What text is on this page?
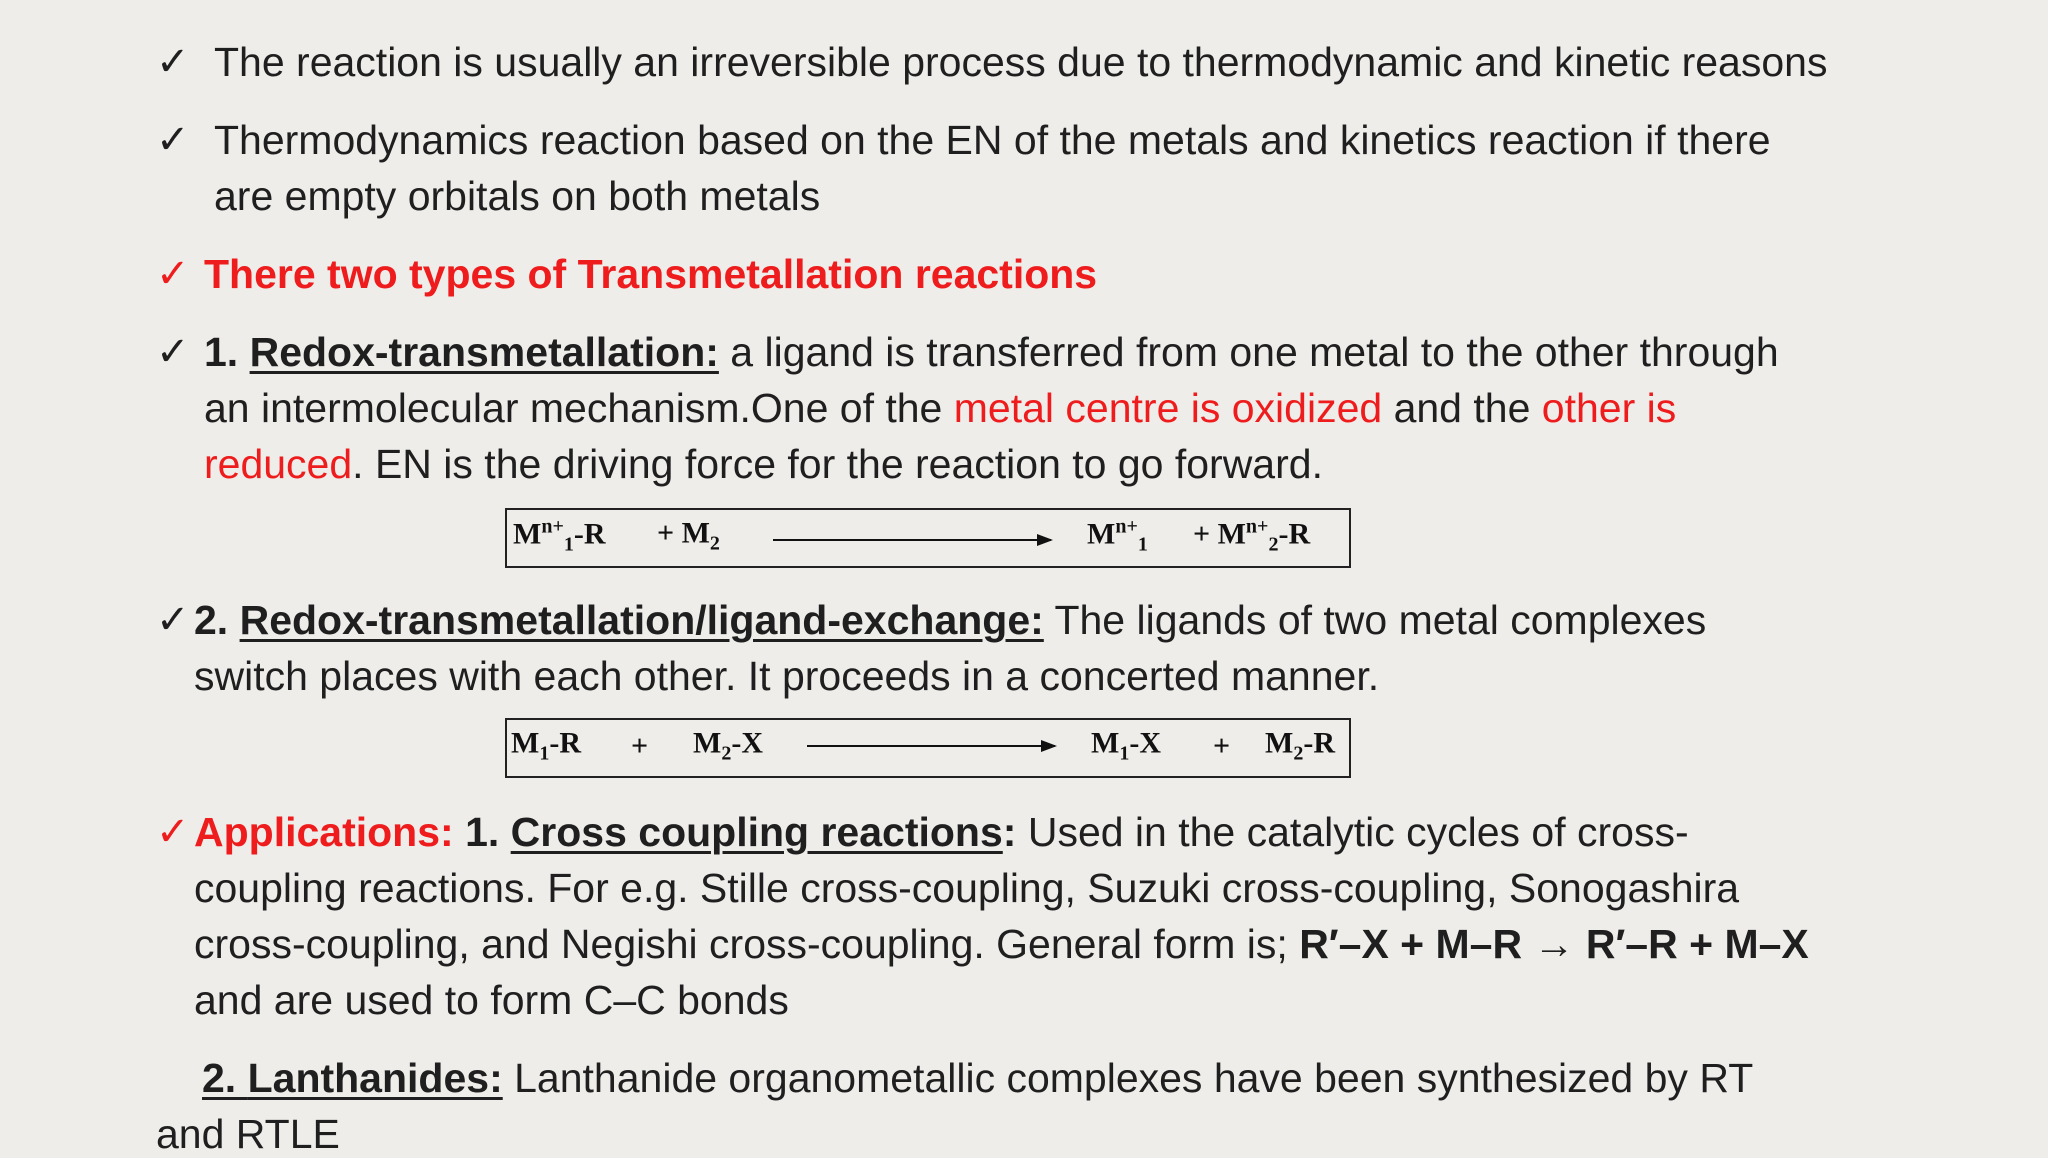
✓ The reaction is usually an irreversible process due to thermodynamic and kinetic reasons
✓ Thermodynamics reaction based on the EN of the metals and kinetics reaction if there
are empty orbitals on both metals
✓ There two types of Transmetallation reactions
✓ 1. Redox-transmetallation: a ligand is transferred from one metal to the other through
an intermolecular mechanism.One of the metal centre is oxidized and the other is
reduced. EN is the driving force for the reaction to go forward.
$M^{n+}_1-R + M_2$	$M^{n+}_1 + M^{n+}_2-R$
✓ 2. Redox-transmetallation/ligand-exchange: The ligands of two metal complexes
switch places with each other. It proceeds in a concerted manner.
$M_1-R + M_2-X$	$M_1-X + M_2-R$
✓ Applications: 1. Cross coupling reactions: Used in the catalytic cycles of cross-
coupling reactions. For e.g. Stille cross-coupling, Suzuki cross-coupling, Sonogashira
cross-coupling, and Negishi cross-coupling. General form is; R′–X + M–R → R′–R + M–X
and are used to form C–C bonds
2. Lanthanides: Lanthanide organometallic complexes have been synthesized by RT
and RTLE
